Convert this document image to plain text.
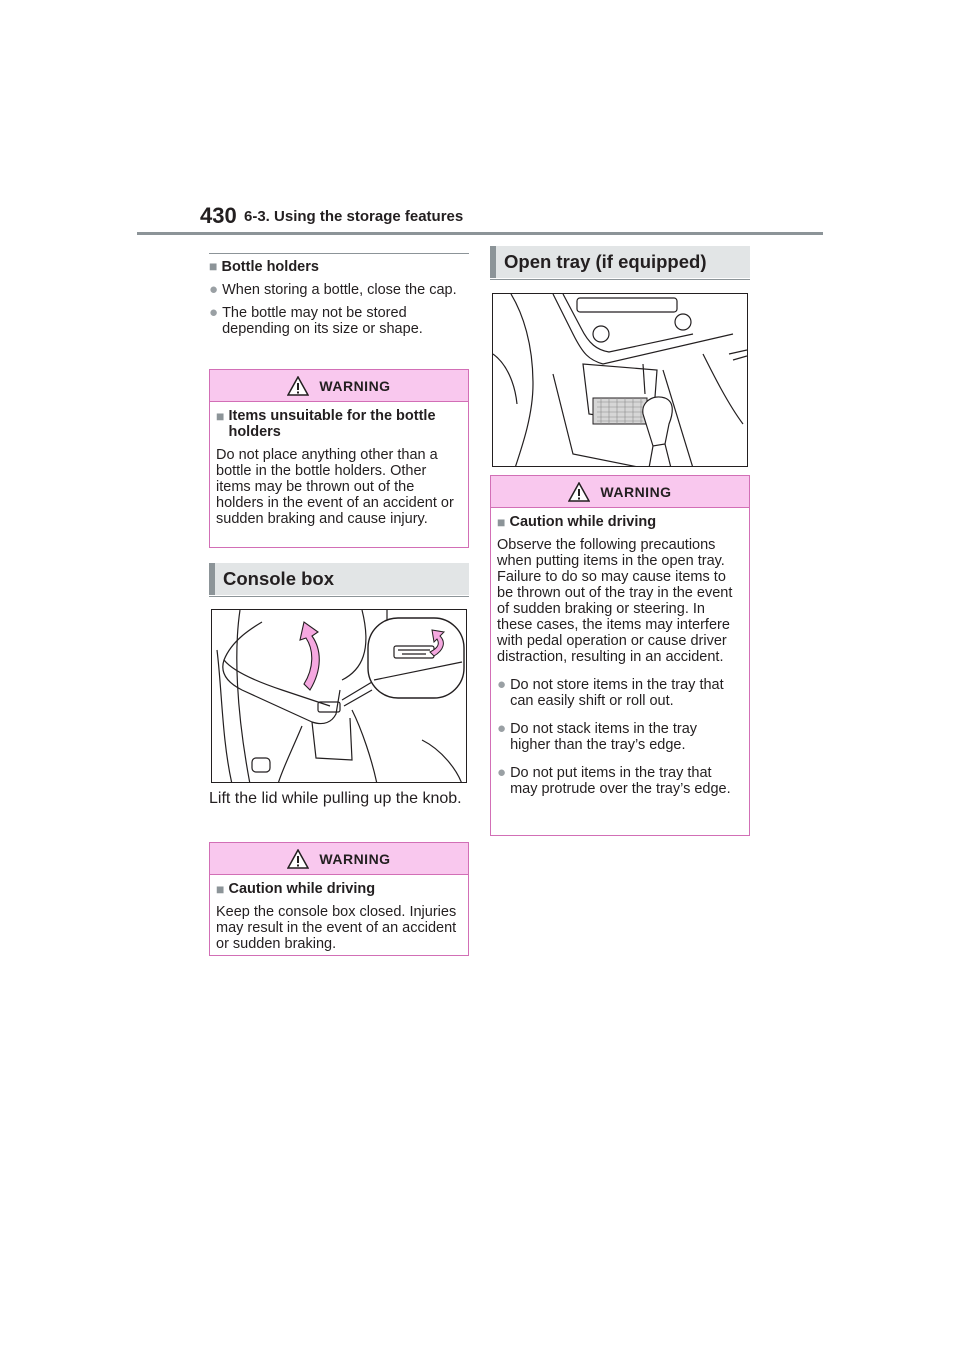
430 6-3. Using the storage features
■ Bottle holders
● When storing a bottle, close the cap.
● The bottle may not be stored depending on its size or shape.
WARNING
■ Items unsuitable for the bottle holders
Do not place anything other than a bottle in the bottle holders. Other items may be thrown out of the holders in the event of an accident or sudden braking and cause injury.
Console box
Lift the lid while pulling up the knob.
WARNING
■ Caution while driving
Keep the console box closed. Injuries may result in the event of an accident or sudden braking.
Open tray (if equipped)
WARNING
■ Caution while driving
Observe the following precautions when putting items in the open tray. Failure to do so may cause items to be thrown out of the tray in the event of sudden braking or steering. In these cases, the items may interfere with pedal operation or cause driver distraction, resulting in an accident.
● Do not store items in the tray that can easily shift or roll out.
● Do not stack items in the tray higher than the tray’s edge.
● Do not put items in the tray that may protrude over the tray’s edge.
